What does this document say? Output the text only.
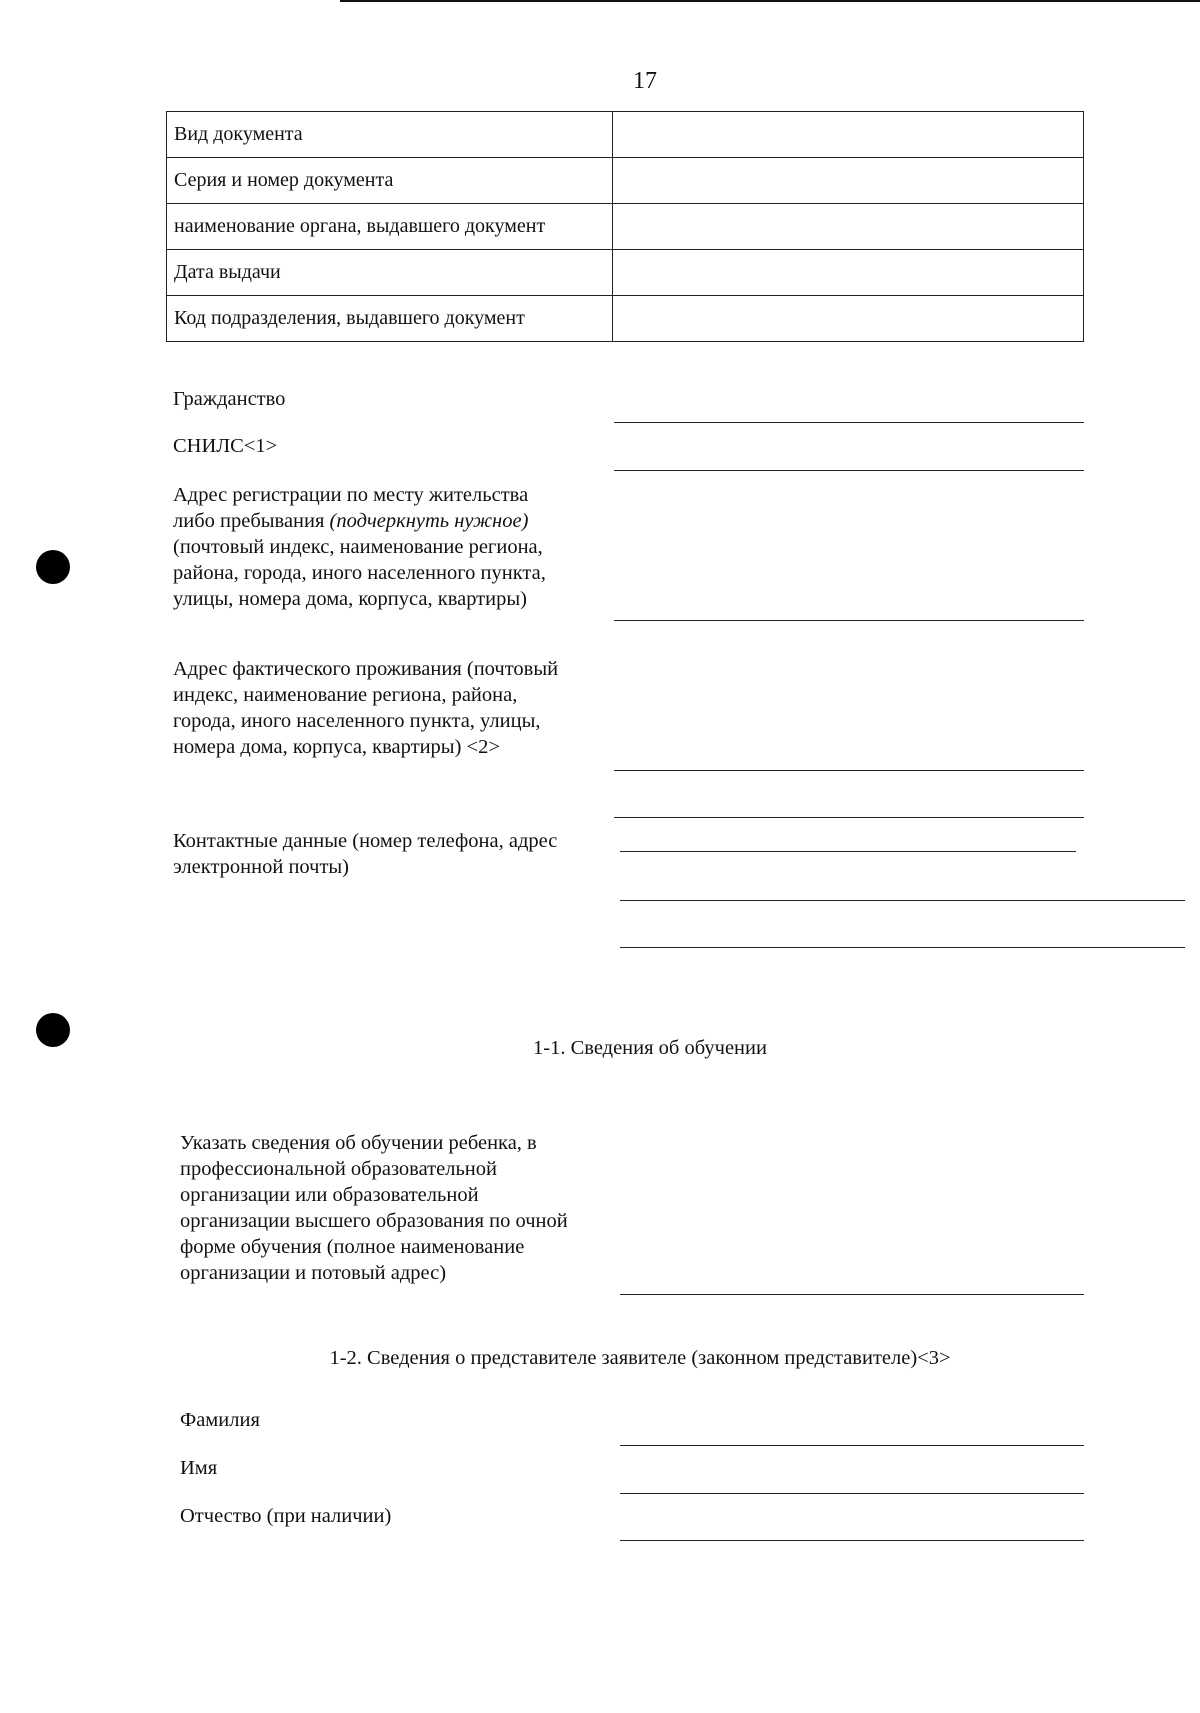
17
Вид документа	
Серия и номер документа	
наименование органа, выдавшего документ	
Дата выдачи	
Код подразделения, выдавшего документ	
Гражданство
СНИЛС<1>
Адрес регистрации по месту жительства
либо пребывания (подчеркнуть нужное)
(почтовый индекс, наименование региона,
района, города, иного населенного пункта,
улицы, номера дома, корпуса, квартиры)
Адрес фактического проживания (почтовый
индекс, наименование региона, района,
города, иного населенного пункта, улицы,
номера дома, корпуса, квартиры) <2>
Контактные данные (номер телефона, адрес
электронной почты)
1-1. Сведения об обучении
Указать сведения об обучении ребенка, в
профессиональной образовательной
организации или образовательной
организации высшего образования по очной
форме обучения (полное наименование
организации и потовый адрес)
1-2. Сведения о представителе заявителе (законном представителе)<3>
Фамилия
Имя
Отчество (при наличии)
